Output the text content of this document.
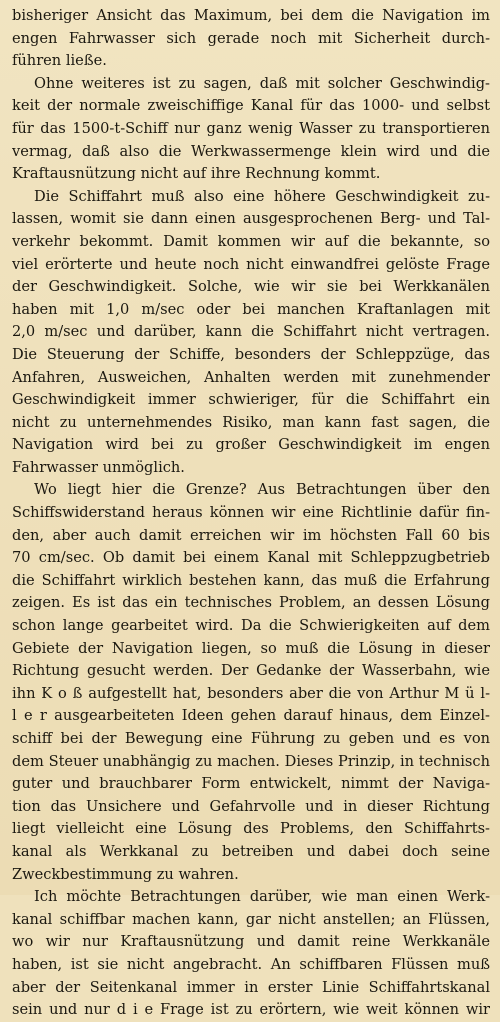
bisheriger Ansicht das Maximum, bei dem die Navigation im
engen Fahrwasser sich gerade noch mit Sicherheit durch-
führen ließe.
Ohne weiteres ist zu sagen, daß mit solcher Geschwindig-
keit der normale zweischiffige Kanal für das 1000- und selbst
für das 1500-t-Schiff nur ganz wenig Wasser zu transportieren
vermag, daß also die Werkwassermenge klein wird und die
Kraftausnützung nicht auf ihre Rechnung kommt.
Die Schiffahrt muß also eine höhere Geschwindigkeit zu-
lassen, womit sie dann einen ausgesprochenen Berg- und Tal-
verkehr bekommt. Damit kommen wir auf die bekannte, so
viel erörterte und heute noch nicht einwandfrei gelöste Frage
der Geschwindigkeit. Solche, wie wir sie bei Werkkanälen
haben mit 1,0 m/sec oder bei manchen Kraftanlagen mit
2,0 m/sec und darüber, kann die Schiffahrt nicht vertragen.
Die Steuerung der Schiffe, besonders der Schleppzüge, das
Anfahren, Ausweichen, Anhalten werden mit zunehmender
Geschwindigkeit immer schwieriger, für die Schiffahrt ein
nicht zu unternehmendes Risiko, man kann fast sagen, die
Navigation wird bei zu großer Geschwindigkeit im engen
Fahrwasser unmöglich.
Wo liegt hier die Grenze? Aus Betrachtungen über den
Schiffswiderstand heraus können wir eine Richtlinie dafür fin-
den, aber auch damit erreichen wir im höchsten Fall 60 bis
70 cm/sec. Ob damit bei einem Kanal mit Schleppzugbetrieb
die Schiffahrt wirklich bestehen kann, das muß die Erfahrung
zeigen. Es ist das ein technisches Problem, an dessen Lösung
schon lange gearbeitet wird. Da die Schwierigkeiten auf dem
Gebiete der Navigation liegen, so muß die Lösung in dieser
Richtung gesucht werden. Der Gedanke der Wasserbahn, wie
ihn K o ß aufgestellt hat, besonders aber die von Arthur M ü l-
l e r ausgearbeiteten Ideen gehen darauf hinaus, dem Einzel-
schiff bei der Bewegung eine Führung zu geben und es von
dem Steuer unabhängig zu machen. Dieses Prinzip, in technisch
guter und brauchbarer Form entwickelt, nimmt der Naviga-
tion das Unsichere und Gefahrvolle und in dieser Richtung
liegt vielleicht eine Lösung des Problems, den Schiffahrts-
kanal als Werkkanal zu betreiben und dabei doch seine
Zweckbestimmung zu wahren.
Ich möchte Betrachtungen darüber, wie man einen Werk-
kanal schiffbar machen kann, gar nicht anstellen; an Flüssen,
wo wir nur Kraftausnützung und damit reine Werkkanäle
haben, ist sie nicht angebracht. An schiffbaren Flüssen muß
aber der Seitenkanal immer in erster Linie Schiffahrtskanal
sein und nur d i e Frage ist zu erörtern, wie weit können wir
